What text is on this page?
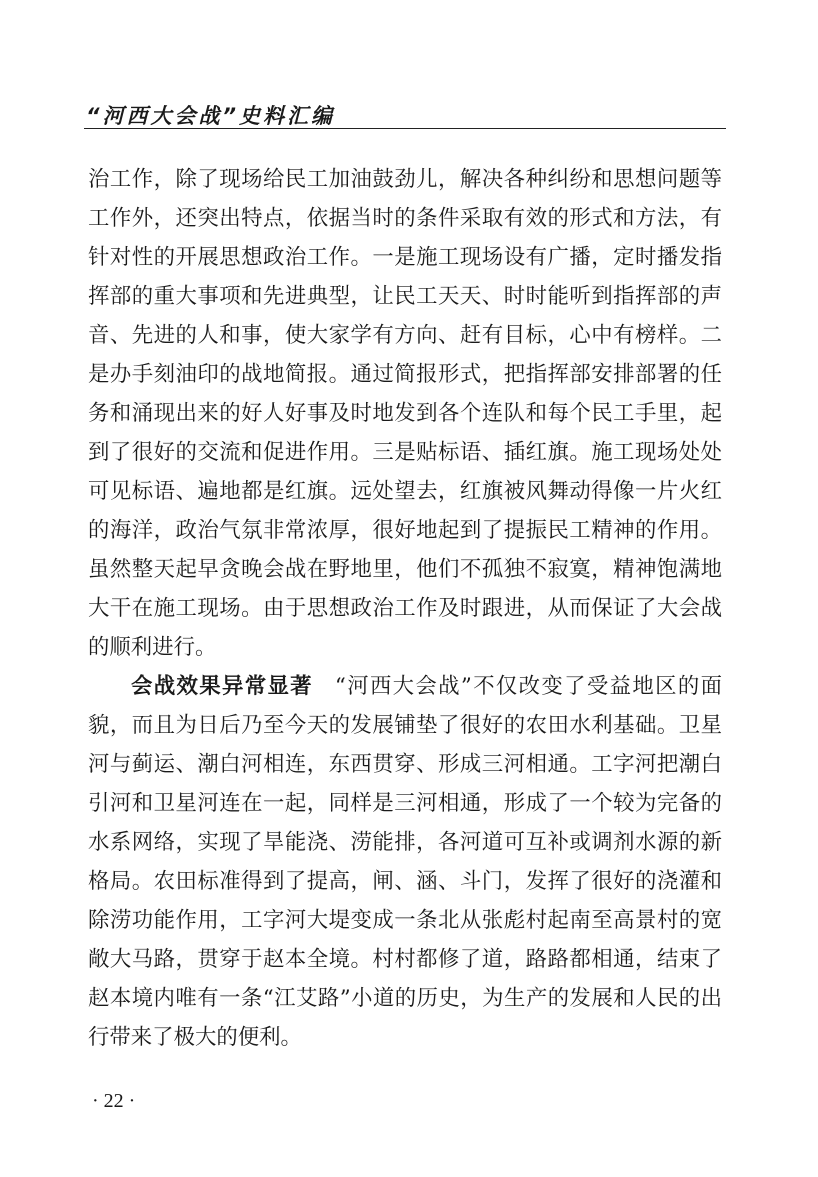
“河西大会战”史料汇编

治工作，除了现场给民工加油鼓劲儿，解决各种纠纷和思想问题等工作外，还突出特点，依据当时的条件采取有效的形式和方法，有针对性的开展思想政治工作。一是施工现场设有广播，定时播发指挥部的重大事项和先进典型，让民工天天、时时能听到指挥部的声音、先进的人和事，使大家学有方向、赶有目标，心中有榜样。二是办手刻油印的战地简报。通过简报形式，把指挥部安排部署的任务和涌现出来的好人好事及时地发到各个连队和每个民工手里，起到了很好的交流和促进作用。三是贴标语、插红旗。施工现场处处可见标语、遍地都是红旗。远处望去，红旗被风舞动得像一片火红的海洋，政治气氛非常浓厚，很好地起到了提振民工精神的作用。虽然整天起早贪晚会战在野地里，他们不孤独不寂寞，精神饱满地大干在施工现场。由于思想政治工作及时跟进，从而保证了大会战的顺利进行。

会战效果异常显著 “河西大会战”不仅改变了受益地区的面貌，而且为日后乃至今天的发展铺垫了很好的农田水利基础。卫星河与蓟运、潮白河相连，东西贯穿、形成三河相通。工字河把潮白引河和卫星河连在一起，同样是三河相通，形成了一个较为完备的水系网络，实现了旱能浇、涝能排，各河道可互补或调剂水源的新格局。农田标准得到了提高，闸、涵、斗门，发挥了很好的浇灌和除涝功能作用，工字河大堤变成一条北从张彪村起南至高景村的宽敞大马路，贯穿于赵本全境。村村都修了道，路路都相通，结束了赵本境内唯有一条“江艾路”小道的历史，为生产的发展和人民的出行带来了极大的便利。

· 22 ·
